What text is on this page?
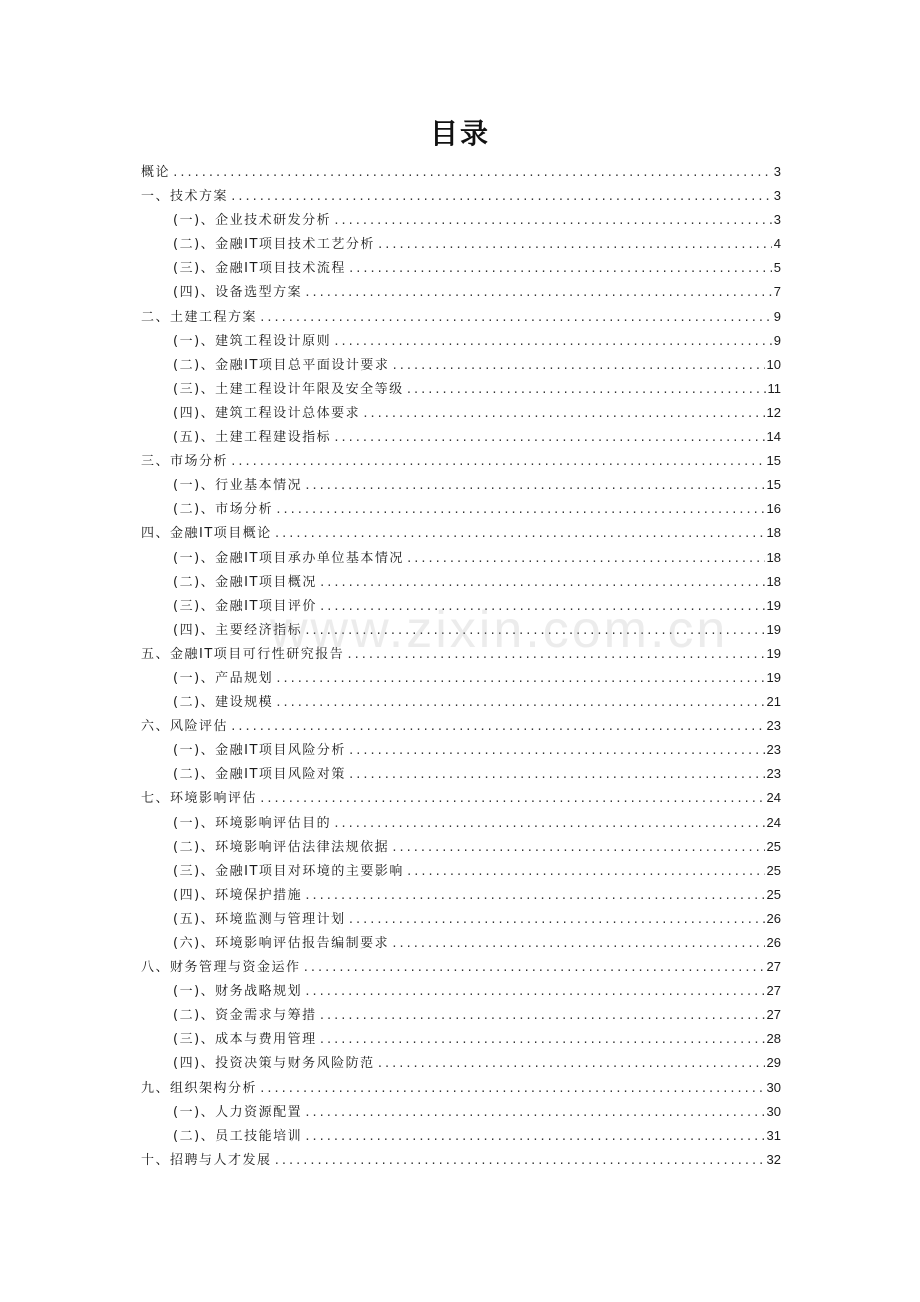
目录
概论 .....	3
一、技术方案 .....	3
(一)、企业技术研发分析 .....	3
(二)、金融IT项目技术工艺分析 .....	4
(三)、金融IT项目技术流程 .....	5
(四)、设备选型方案 .....	7
二、土建工程方案 .....	9
(一)、建筑工程设计原则 .....	9
(二)、金融IT项目总平面设计要求 .....	10
(三)、土建工程设计年限及安全等级 .....	11
(四)、建筑工程设计总体要求 .....	12
(五)、土建工程建设指标 .....	14
三、市场分析 .....	15
(一)、行业基本情况 .....	15
(二)、市场分析 .....	16
四、金融IT项目概论 .....	18
(一)、金融IT项目承办单位基本情况 .....	18
(二)、金融IT项目概况 .....	18
(三)、金融IT项目评价 .....	19
(四)、主要经济指标 .....	19
五、金融IT项目可行性研究报告 .....	19
(一)、产品规划 .....	19
(二)、建设规模 .....	21
六、风险评估 .....	23
(一)、金融IT项目风险分析 .....	23
(二)、金融IT项目风险对策 .....	23
七、环境影响评估 .....	24
(一)、环境影响评估目的 .....	24
(二)、环境影响评估法律法规依据 .....	25
(三)、金融IT项目对环境的主要影响 .....	25
(四)、环境保护措施 .....	25
(五)、环境监测与管理计划 .....	26
(六)、环境影响评估报告编制要求 .....	26
八、财务管理与资金运作 .....	27
(一)、财务战略规划 .....	27
(二)、资金需求与筹措 .....	27
(三)、成本与费用管理 .....	28
(四)、投资决策与财务风险防范 .....	29
九、组织架构分析 .....	30
(一)、人力资源配置 .....	30
(二)、员工技能培训 .....	31
十、招聘与人才发展 .....	32
www.zixin.com.cn
